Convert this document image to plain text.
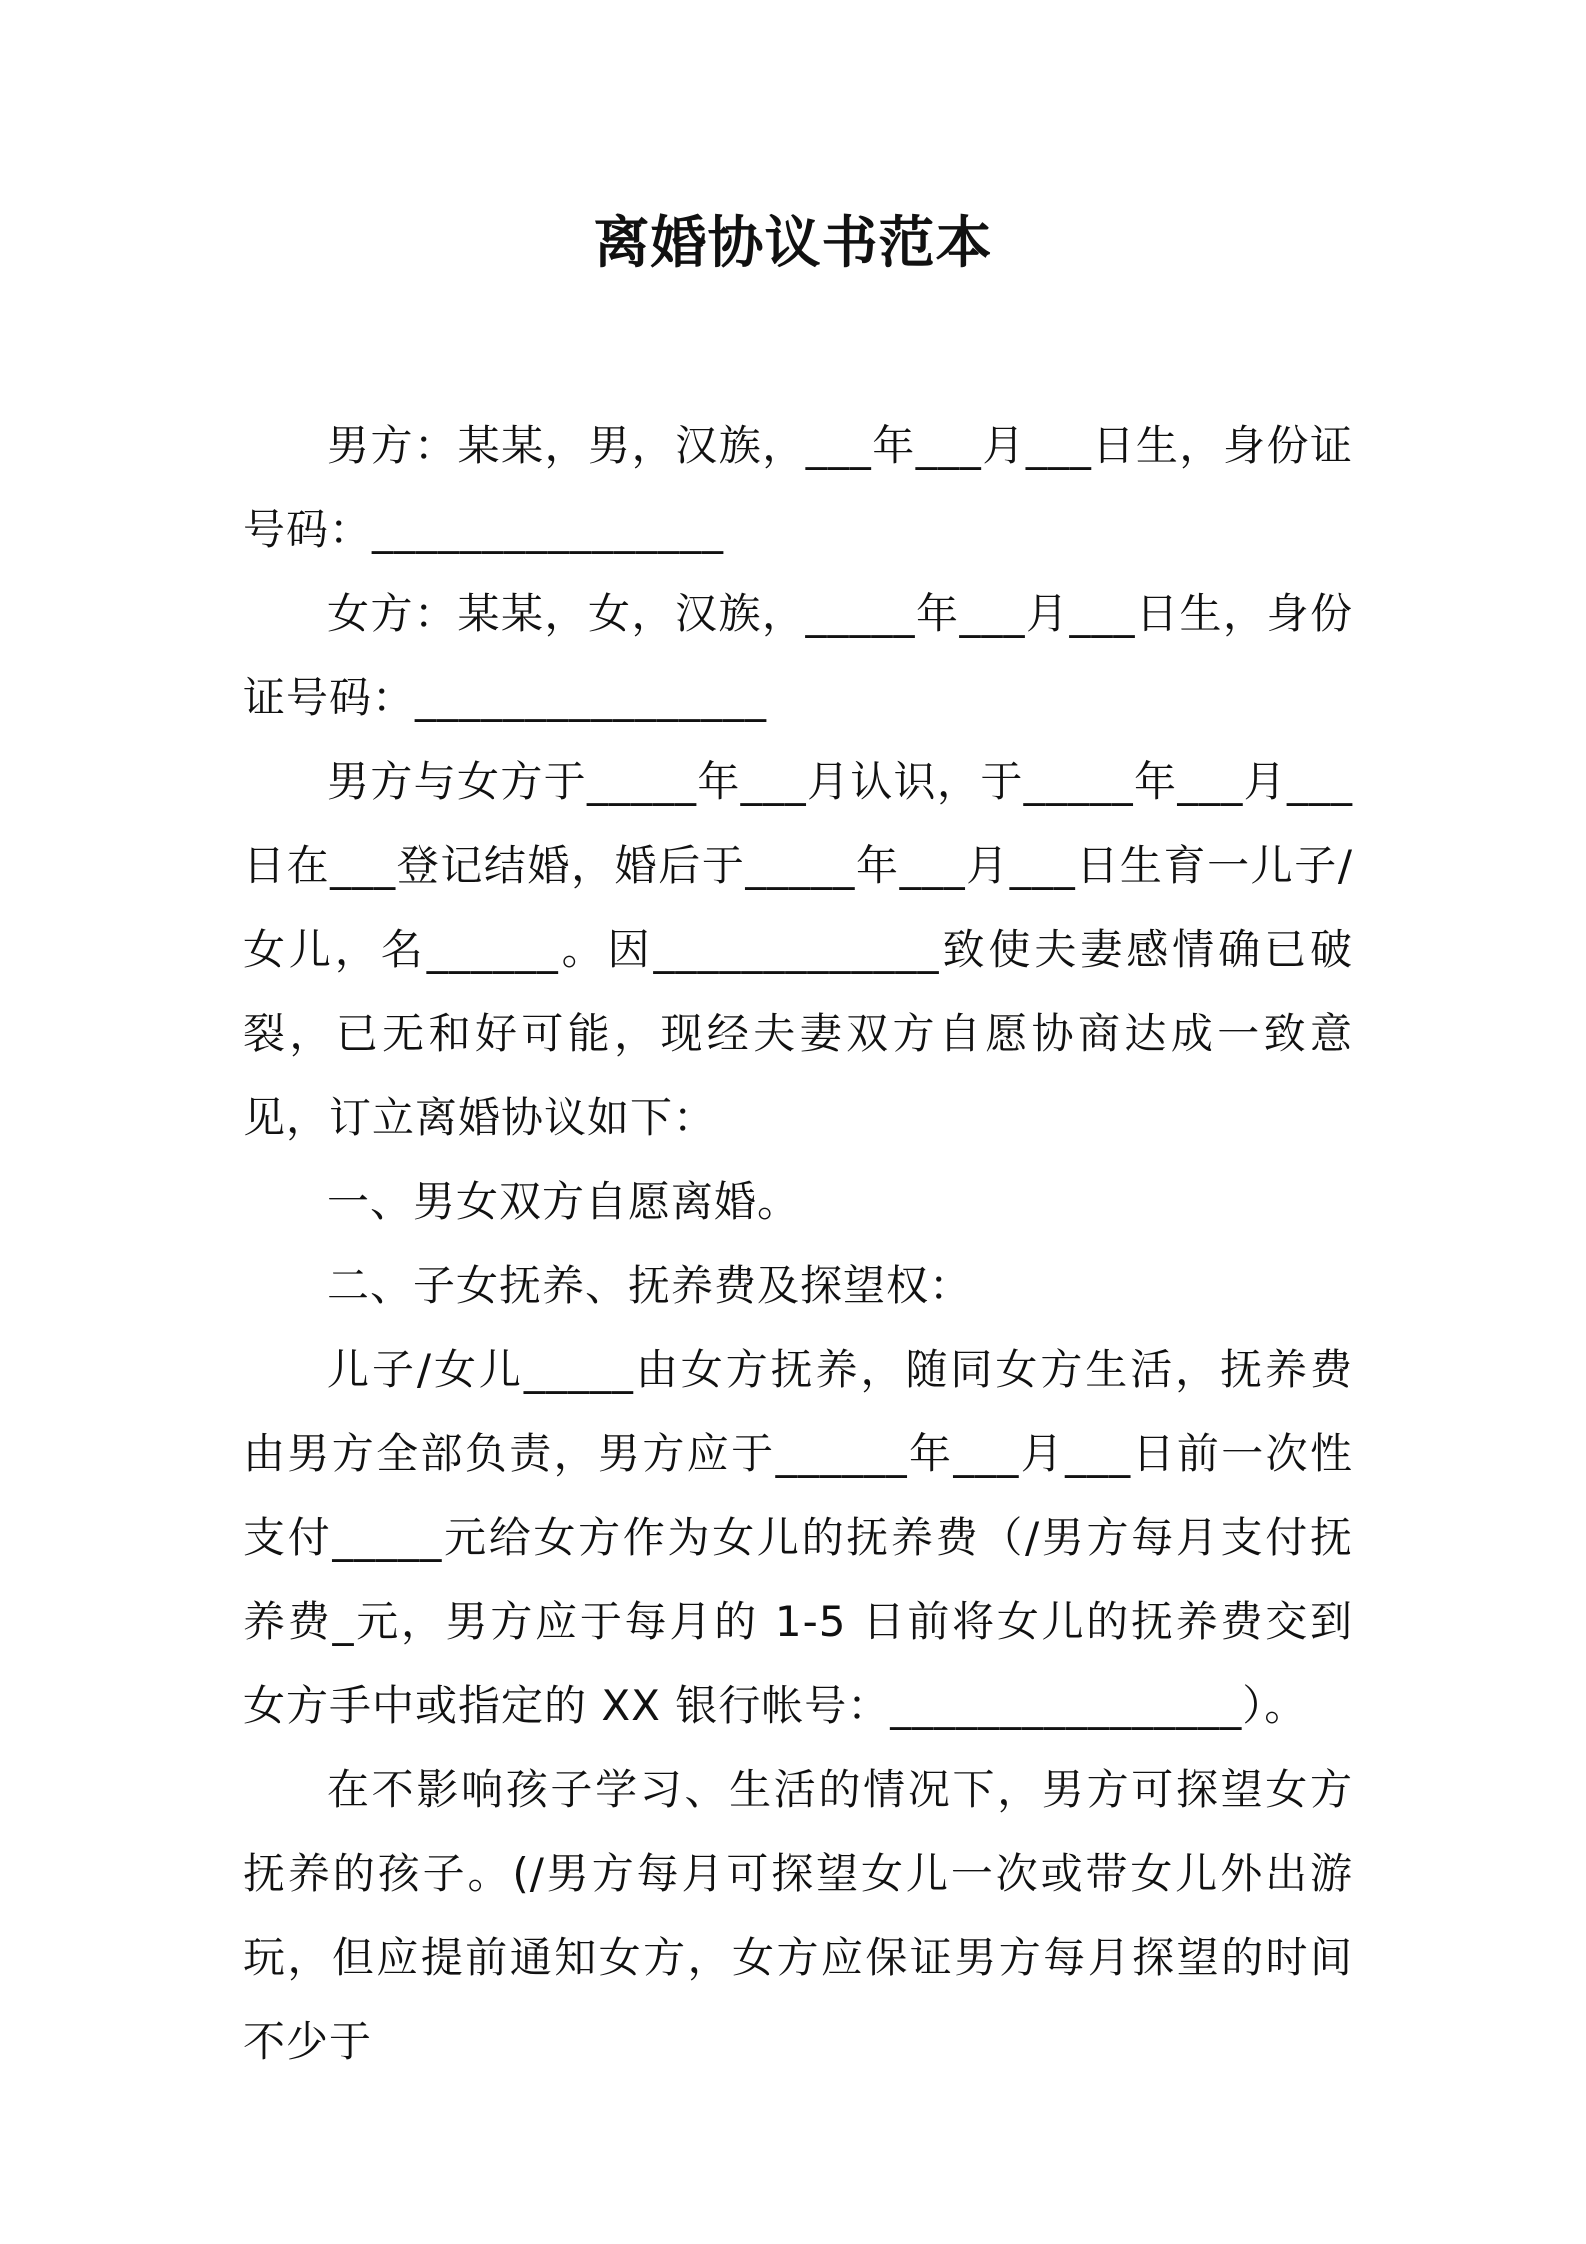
离婚协议书范本

男方：某某，男，汉族，___年___月___日生，身份证号码：________________

女方：某某，女，汉族，_____年___月___日生，身份证号码：________________

男方与女方于_____年___月认识，于_____年___月___日在___登记结婚，婚后于_____年___月___日生育一儿子/女儿，名______。因_____________致使夫妻感情确已破裂，已无和好可能，现经夫妻双方自愿协商达成一致意见，订立离婚协议如下：

一、男女双方自愿离婚。

二、子女抚养、抚养费及探望权：

儿子/女儿_____由女方抚养，随同女方生活，抚养费由男方全部负责，男方应于______年___月___日前一次性支付_____元给女方作为女儿的抚养费（/男方每月支付抚养费_元，男方应于每月的 1-5 日前将女儿的抚养费交到女方手中或指定的 XX 银行帐号：________________）。

在不影响孩子学习、生活的情况下，男方可探望女方抚养的孩子。(/男方每月可探望女儿一次或带女儿外出游玩，但应提前通知女方，女方应保证男方每月探望的时间不少于
